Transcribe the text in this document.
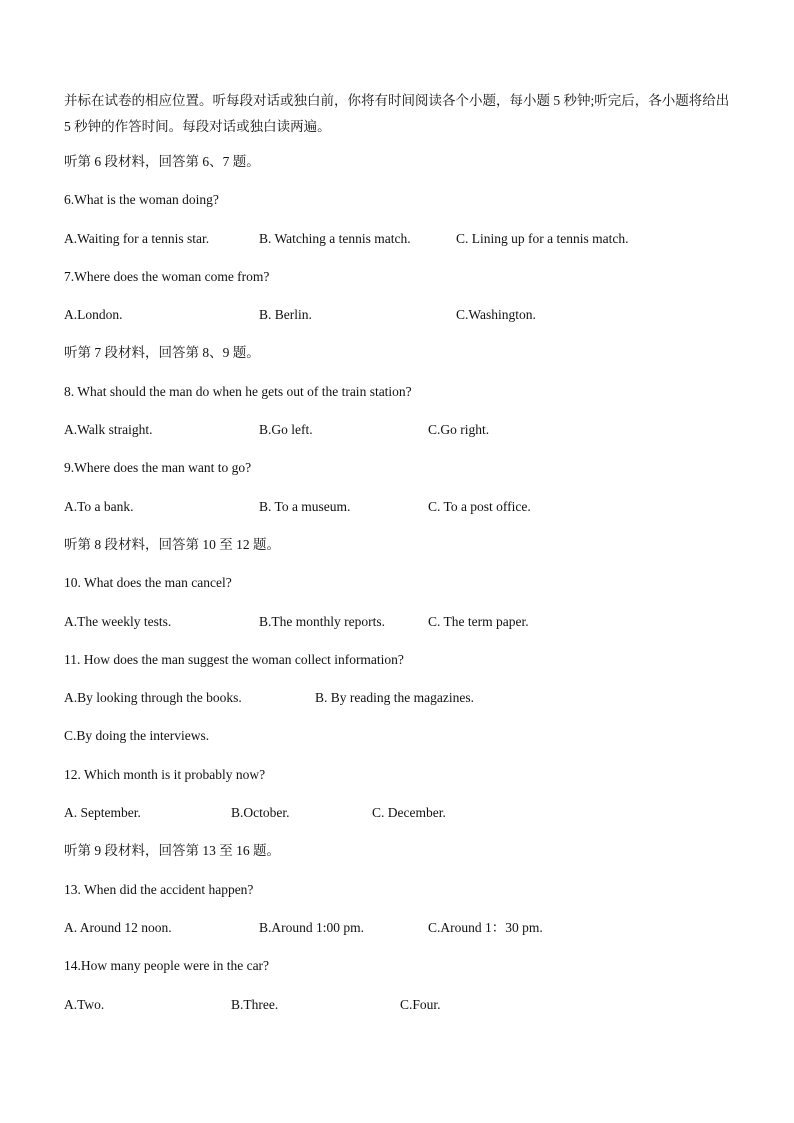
并标在试卷的相应位置。听每段对话或独白前，你将有时间阅读各个小题，每小题 5 秒钟;听完后，各小题将给出 5 秒钟的作答时间。每段对话或独白读两遍。

听第 6 段材料，回答第 6、7 题。
6.What is the woman doing?
A.Waiting for a tennis star.	B. Watching a tennis match.	C. Lining up for a tennis match.
7.Where does the woman come from?
A.London.	B. Berlin.	C.Washington.
听第 7 段材料，回答第 8、9 题。
8. What should the man do when he gets out of the train station?
A.Walk straight.	B.Go left.	C.Go right.
9.Where does the man want to go?
A.To a bank.	B. To a museum.	C. To a post office.
听第 8 段材料，回答第 10 至 12 题。
10. What does the man cancel?
A.The weekly tests.	B.The monthly reports.	C. The term paper.
11. How does the man suggest the woman collect information?
A.By looking through the books.	B. By reading the magazines.
C.By doing the interviews.
12. Which month is it probably now?
A. September.	B.October.	C. December.
听第 9 段材料，回答第 13 至 16 题。
13. When did the accident happen?
A. Around 12 noon.	B.Around 1:00 pm.	C.Around 1：30 pm.
14.How many people were in the car?
A.Two.	B.Three.	C.Four.
